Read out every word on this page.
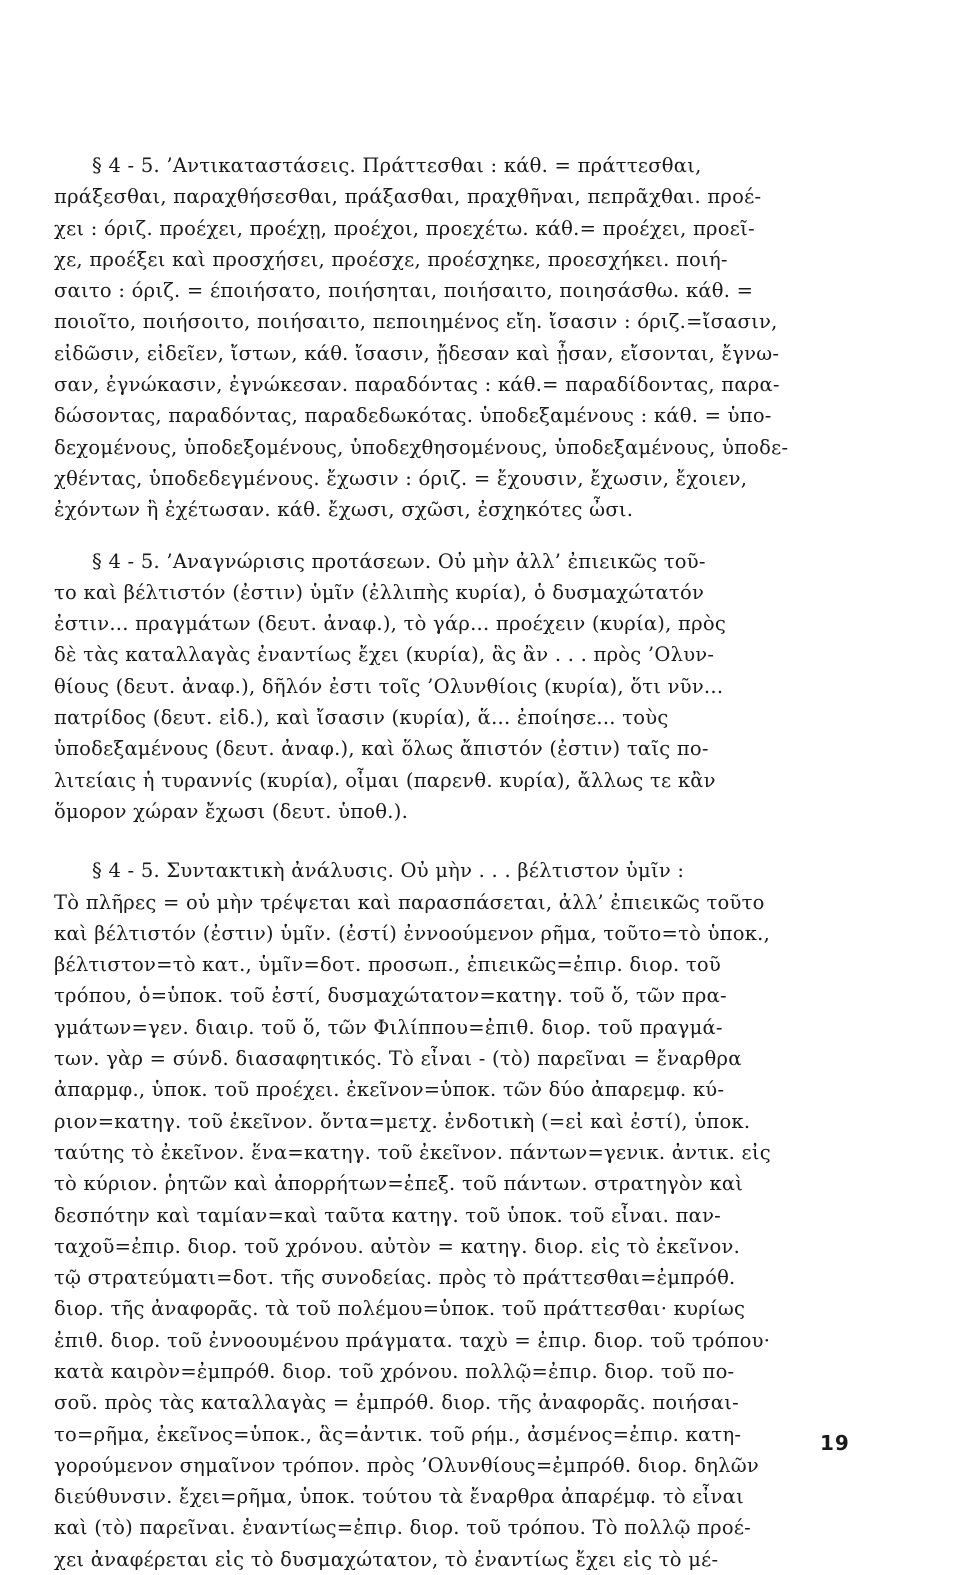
§ 4 - 5. ’Αντικαταστάσεις. Πράττεσθαι : κάθ. = πράττεσθαι,
πράξεσθαι, παραχθήσεσθαι, πράξασθαι, πραχθῆναι, πεπρᾶχθαι. προέ-
χει : όριζ. προέχει, προέχῃ, προέχοι, προεχέτω. κάθ.= προέχει, προεῖ-
χε, προέξει καὶ προσχήσει, προέσχε, προέσχηκε, προεσχήκει. ποιή-
σαιτο : όριζ. = έποιήσατο, ποιήσηται, ποιήσαιτο, ποιησάσθω. κάθ. =
ποιοῖτο, ποιήσοιτο, ποιήσαιτο, πεποιημένος εἴη. ἴσασιν : όριζ.=ἴσασιν,
εἰδῶσιν, εἰδεῖεν, ἴστων, κάθ. ἴσασιν, ᾔδεσαν καὶ ᾖσαν, εἴσονται, ἔγνω-
σαν, ἐγνώκασιν, ἐγνώκεσαν. παραδόντας : κάθ.= παραδίδοντας, παρα-
δώσοντας, παραδόντας, παραδεδωκότας. ὑποδεξαμένους : κάθ. = ὑπο-
δεχομένους, ὑποδεξομένους, ὑποδεχθησομένους, ὑποδεξαμένους, ὑποδε-
χθέντας, ὑποδεδεγμένους. ἔχωσιν : όριζ. = ἔχουσιν, ἔχωσιν, ἔχοιεν,
ἐχόντων ἢ ἐχέτωσαν. κάθ. ἔχωσι, σχῶσι, ἐσχηκότες ὦσι.
§ 4 - 5. ’Αναγνώρισις προτάσεων. Οὐ μὴν ἀλλ’ ἐπιεικῶς τοῦ-
το καὶ βέλτιστόν (ἐστιν) ὑμῖν (ἐλλιπὴς κυρία), ὁ δυσμαχώτατόν
ἐστιν... πραγμάτων (δευτ. ἀναφ.), τὸ γάρ... προέχειν (κυρία), πρὸς
δὲ τὰς καταλλαγὰς ἐναντίως ἔχει (κυρία), ἃς ἂν . . . πρὸς ’Ολυν-
θίους (δευτ. ἀναφ.), δῆλόν ἐστι τοῖς ’Ολυνθίοις (κυρία), ὅτι νῦν...
πατρίδος (δευτ. εἰδ.), καὶ ἴσασιν (κυρία), ἅ... ἐποίησε... τοὺς
ὑποδεξαμένους (δευτ. ἀναφ.), καὶ ὅλως ἄπιστόν (ἐστιν) ταῖς πο-
λιτείαις ἡ τυραννίς (κυρία), οἶμαι (παρενθ. κυρία), ἄλλως τε κἂν
ὅμορον χώραν ἔχωσι (δευτ. ὑποθ.).
§ 4 - 5. Συντακτικὴ ἀνάλυσις. Οὐ μὴν . . . βέλτιστον ὑμῖν :
Τὸ πλῆρες = οὐ μὴν τρέψεται καὶ παρασπάσεται, ἀλλ’ ἐπιεικῶς τοῦτο
καὶ βέλτιστόν (ἐστιν) ὑμῖν. (ἐστί) ἐννοούμενον ρῆμα, τοῦτο=τὸ ὑποκ.,
βέλτιστον=τὸ κατ., ὑμῖν=δοτ. προσωπ., ἐπιεικῶς=ἐπιρ. διορ. τοῦ
τρόπου, ὁ=ὑποκ. τοῦ ἐστί, δυσμαχώτατον=κατηγ. τοῦ ὅ, τῶν πρα-
γμάτων=γεν. διαιρ. τοῦ ὅ, τῶν Φιλίππου=ἐπιθ. διορ. τοῦ πραγμά-
των. γὰρ = σύνδ. διασαφητικός. Τὸ εἶναι - (τὸ) παρεῖναι = ἔναρθρα
ἀπαρμφ., ὑποκ. τοῦ προέχει. ἐκεῖνον=ὑποκ. τῶν δύο ἀπαρεμφ. κύ-
ριον=κατηγ. τοῦ ἐκεῖνον. ὄντα=μετχ. ἐνδοτικὴ (=εἰ καὶ ἐστί), ὑποκ.
ταύτης τὸ ἐκεῖνον. ἕνα=κατηγ. τοῦ ἐκεῖνον. πάντων=γενικ. ἀντικ. εἰς
τὸ κύριον. ῥητῶν καὶ ἀπορρήτων=ἐπεξ. τοῦ πάντων. στρατηγὸν καὶ
δεσπότην καὶ ταμίαν=καὶ ταῦτα κατηγ. τοῦ ὑποκ. τοῦ εἶναι. παν-
ταχοῦ=ἐπιρ. διορ. τοῦ χρόνου. αὐτὸν = κατηγ. διορ. εἰς τὸ ἐκεῖνον.
τῷ στρατεύματι=δοτ. τῆς συνοδείας. πρὸς τὸ πράττεσθαι=ἐμπρόθ.
διορ. τῆς ἀναφορᾶς. τὰ τοῦ πολέμου=ὑποκ. τοῦ πράττεσθαι· κυρίως
ἐπιθ. διορ. τοῦ ἐννοουμένου πράγματα. ταχὺ = ἐπιρ. διορ. τοῦ τρόπου·
κατὰ καιρὸν=ἐμπρόθ. διορ. τοῦ χρόνου. πολλῷ=ἐπιρ. διορ. τοῦ πο-
σοῦ. πρὸς τὰς καταλλαγὰς = ἐμπρόθ. διορ. τῆς ἀναφορᾶς. ποιήσαι-
το=ρῆμα, ἐκεῖνος=ὑποκ., ἃς=ἀντικ. τοῦ ρήμ., ἀσμένος=ἐπιρ. κατη-
γορούμενον σημαῖνον τρόπον. πρὸς ’Ολυνθίους=ἐμπρόθ. διορ. δηλῶν
διεύθυνσιν. ἔχει=ρῆμα, ὑποκ. τούτου τὰ ἔναρθρα ἀπαρέμφ. τὸ εἶναι
καὶ (τὸ) παρεῖναι. ἐναντίως=ἐπιρ. διορ. τοῦ τρόπου. Τὸ πολλῷ προέ-
χει ἀναφέρεται εἰς τὸ δυσμαχώτατον, τὸ ἐναντίως ἔχει εἰς τὸ μέ-
19
